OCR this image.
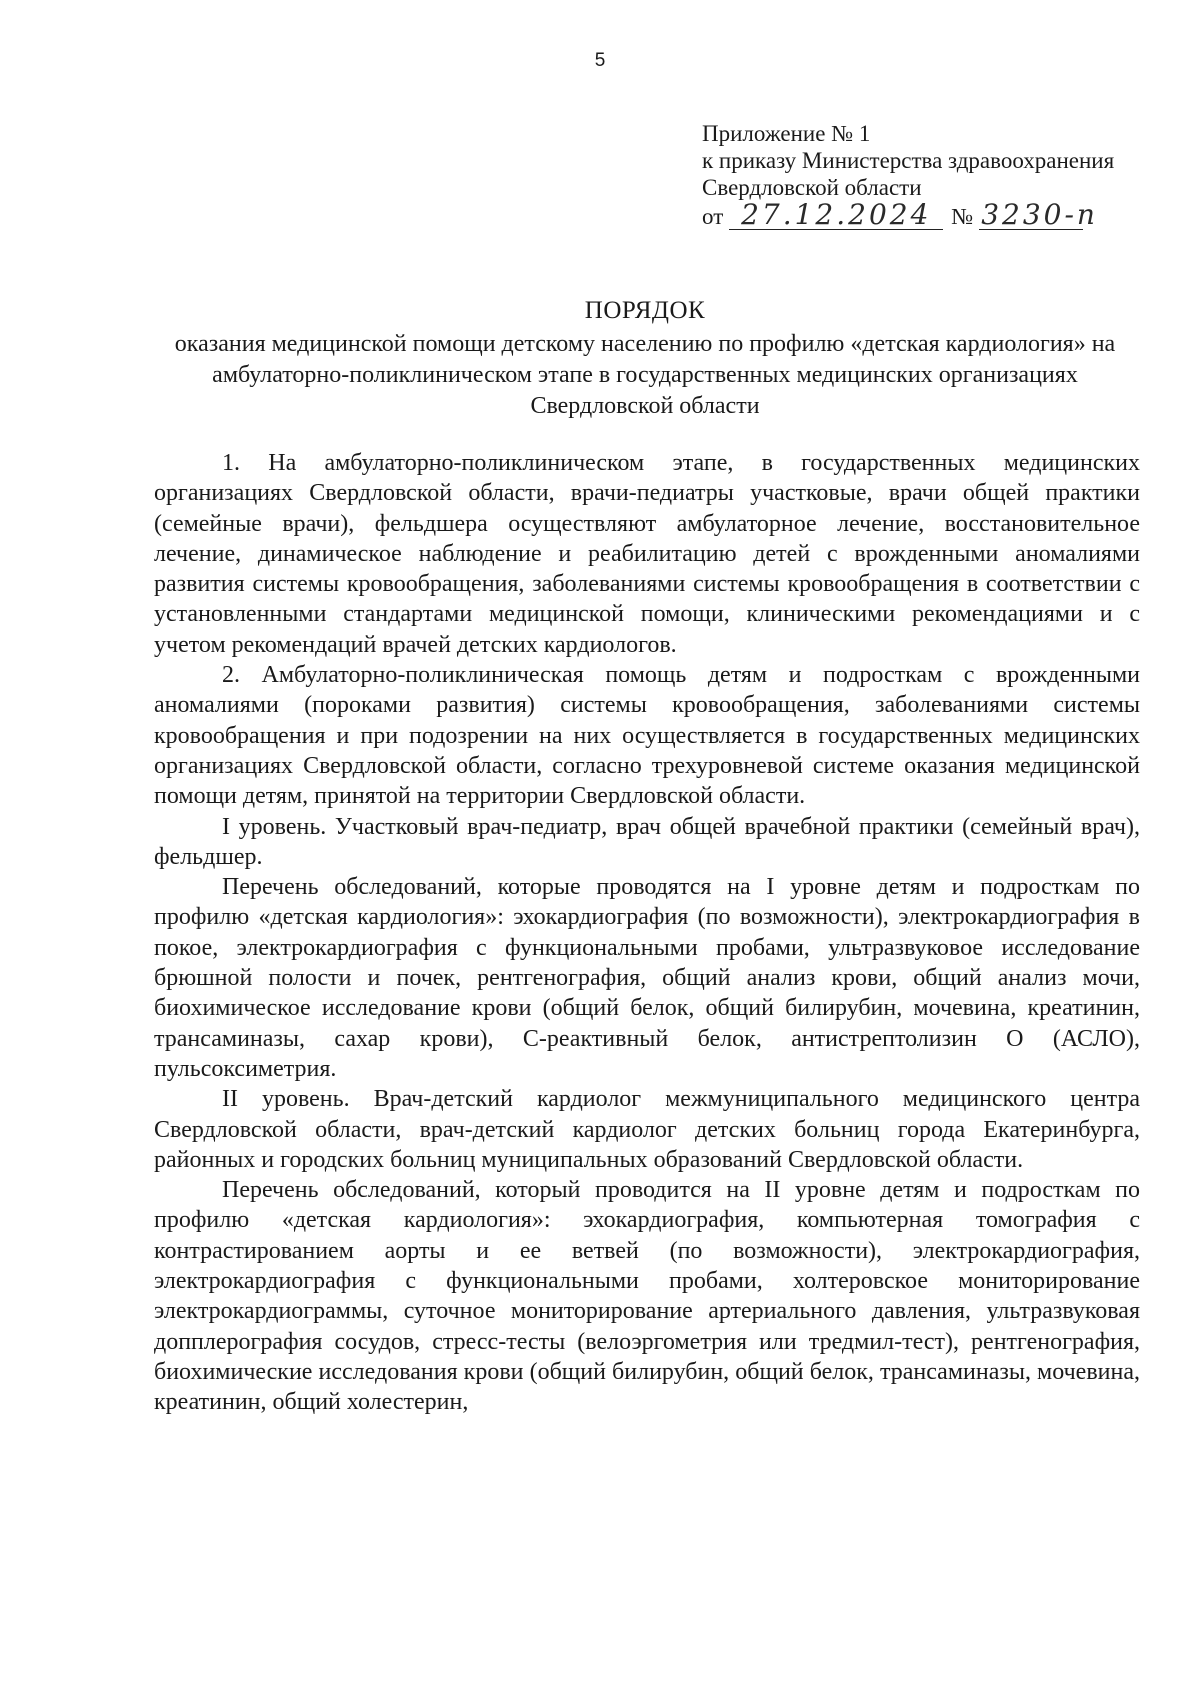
5
Приложение № 1
к приказу Министерства здравоохранения
Свердловской области
от 27.12.2024 № 3230-п
ПОРЯДОК
оказания медицинской помощи детскому населению по профилю «детская кардиология» на амбулаторно-поликлиническом этапе в государственных медицинских организациях Свердловской области

1. На амбулаторно-поликлиническом этапе, в государственных медицинских организациях Свердловской области, врачи-педиатры участковые, врачи общей практики (семейные врачи), фельдшера осуществляют амбулаторное лечение, восстановительное лечение, динамическое наблюдение и реабилитацию детей с врожденными аномалиями развития системы кровообращения, заболеваниями системы кровообращения в соответствии с установленными стандартами медицинской помощи, клиническими рекомендациями и с учетом рекомендаций врачей детских кардиологов.

2. Амбулаторно-поликлиническая помощь детям и подросткам с врожденными аномалиями (пороками развития) системы кровообращения, заболеваниями системы кровообращения и при подозрении на них осуществляется в государственных медицинских организациях Свердловской области, согласно трехуровневой системе оказания медицинской помощи детям, принятой на территории Свердловской области.

I уровень. Участковый врач-педиатр, врач общей врачебной практики (семейный врач), фельдшер.

Перечень обследований, которые проводятся на I уровне детям и подросткам по профилю «детская кардиология»: эхокардиография (по возможности), электрокардиография в покое, электрокардиография с функциональными пробами, ультразвуковое исследование брюшной полости и почек, рентгенография, общий анализ крови, общий анализ мочи, биохимическое исследование крови (общий белок, общий билирубин, мочевина, креатинин, трансаминазы, сахар крови), С-реактивный белок, антистрептолизин О (АСЛО), пульсоксиметрия.

II уровень. Врач-детский кардиолог межмуниципального медицинского центра Свердловской области, врач-детский кардиолог детских больниц города Екатеринбурга, районных и городских больниц муниципальных образований Свердловской области.

Перечень обследований, который проводится на II уровне детям и подросткам по профилю «детская кардиология»: эхокардиография, компьютерная томография с контрастированием аорты и ее ветвей (по возможности), электрокардиография, электрокардиография с функциональными пробами, холтеровское мониторирование электрокардиограммы, суточное мониторирование артериального давления, ультразвуковая допплерография сосудов, стресс-тесты (велоэргометрия или тредмил-тест), рентгенография, биохимические исследования крови (общий билирубин, общий белок, трансаминазы, мочевина, креатинин, общий холестерин,
